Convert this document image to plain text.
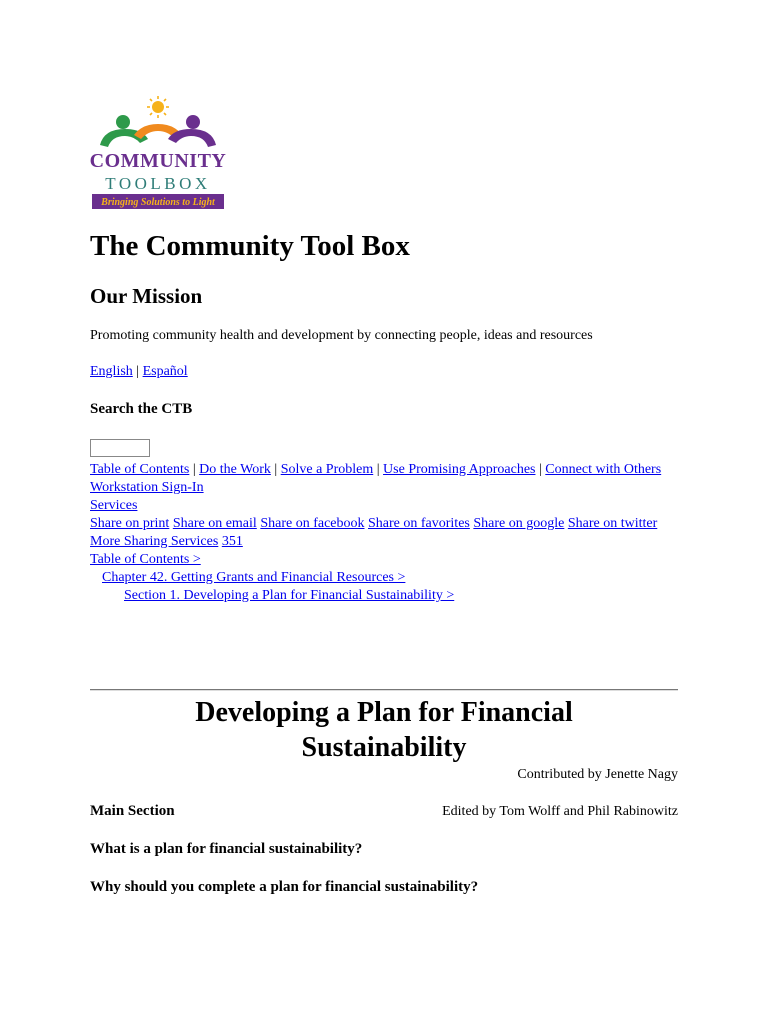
COMMUNITY
TOOLBOX
Bringing Solutions to Light
The Community Tool Box
Our Mission

Promoting community health and development by connecting people, ideas and resources

English | Español
Search the CTB
Table of Contents | Do the Work | Solve a Problem | Use Promising Approaches | Connect with Others
Workstation Sign-In
Services
Share on print Share on email Share on facebook Share on favorites Share on google Share on twitter More Sharing Services 351
Table of Contents >
Chapter 42. Getting Grants and Financial Resources >
Section 1. Developing a Plan for Financial Sustainability >
Developing a Plan for Financial
Sustainability
Contributed by Jenette Nagy
Main Section	Edited by Tom Wolff and Phil Rabinowitz

What is a plan for financial sustainability?

Why should you complete a plan for financial sustainability?
